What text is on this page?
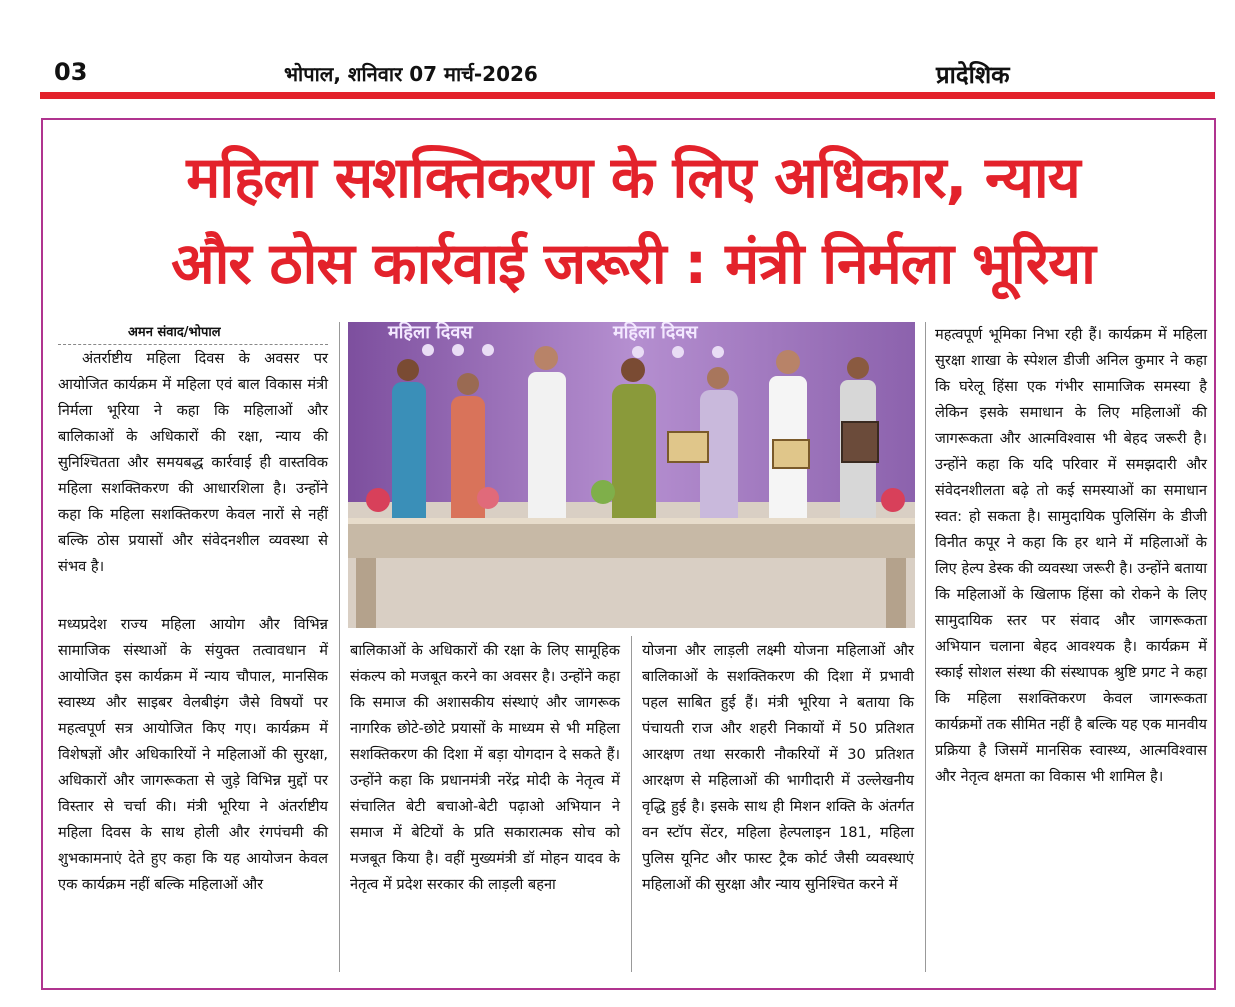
03	भोपाल, शनिवार 07 मार्च-2026	प्रादेशिक
महिला सशक्तिकरण के लिए अधिकार, न्याय
और ठोस कार्रवाई जरूरी : मंत्री निर्मला भूरिया
अमन संवाद/भोपाल

अंतर्राष्टीय महिला दिवस के अवसर पर आयोजित कार्यक्रम में महिला एवं बाल विकास मंत्री निर्मला भूरिया ने कहा कि महिलाओं और बालिकाओं के अधिकारों की रक्षा, न्याय की सुनिश्चितता और समयबद्ध कार्रवाई ही वास्तविक महिला सशक्तिकरण की आधारशिला है। उन्होंने कहा कि महिला सशक्तिकरण केवल नारों से नहीं बल्कि ठोस प्रयासों और संवेदनशील व्यवस्था से संभव है।

मध्यप्रदेश राज्य महिला आयोग और विभिन्न सामाजिक संस्थाओं के संयुक्त तत्वावधान में आयोजित इस कार्यक्रम में न्याय चौपाल, मानसिक स्वास्थ्य और साइबर वेलबीइंग जैसे विषयों पर महत्वपूर्ण सत्र आयोजित किए गए। कार्यक्रम में विशेषज्ञों और अधिकारियों ने महिलाओं की सुरक्षा, अधिकारों और जागरूकता से जुड़े विभिन्न मुद्दों पर विस्तार से चर्चा की। मंत्री भूरिया ने अंतर्राष्टीय महिला दिवस के साथ होली और रंगपंचमी की शुभकामनाएं देते हुए कहा कि यह आयोजन केवल एक कार्यक्रम नहीं बल्कि महिलाओं और

बालिकाओं के अधिकारों की रक्षा के लिए सामूहिक संकल्प को मजबूत करने का अवसर है। उन्होंने कहा कि समाज की अशासकीय संस्थाएं और जागरूक नागरिक छोटे-छोटे प्रयासों के माध्यम से भी महिला सशक्तिकरण की दिशा में बड़ा योगदान दे सकते हैं। उन्होंने कहा कि प्रधानमंत्री नरेंद्र मोदी के नेतृत्व में संचालित बेटी बचाओ-बेटी पढ़ाओ अभियान ने समाज में बेटियों के प्रति सकारात्मक सोच को मजबूत किया है। वहीं मुख्यमंत्री डॉ मोहन यादव के नेतृत्व में प्रदेश सरकार की लाड़ली बहना

योजना और लाड़ली लक्ष्मी योजना महिलाओं और बालिकाओं के सशक्तिकरण की दिशा में प्रभावी पहल साबित हुई हैं। मंत्री भूरिया ने बताया कि पंचायती राज और शहरी निकायों में 50 प्रतिशत आरक्षण तथा सरकारी नौकरियों में 30 प्रतिशत आरक्षण से महिलाओं की भागीदारी में उल्लेखनीय वृद्धि हुई है। इसके साथ ही मिशन शक्ति के अंतर्गत वन स्टॉप सेंटर, महिला हेल्पलाइन 181, महिला पुलिस यूनिट और फास्ट ट्रैक कोर्ट जैसी व्यवस्थाएं महिलाओं की सुरक्षा और न्याय सुनिश्चित करने में

महत्वपूर्ण भूमिका निभा रही हैं। कार्यक्रम में महिला सुरक्षा शाखा के स्पेशल डीजी अनिल कुमार ने कहा कि घरेलू हिंसा एक गंभीर सामाजिक समस्या है लेकिन इसके समाधान के लिए महिलाओं की जागरूकता और आत्मविश्वास भी बेहद जरूरी है। उन्होंने कहा कि यदि परिवार में समझदारी और संवेदनशीलता बढ़े तो कई समस्याओं का समाधान स्वत: हो सकता है। सामुदायिक पुलिसिंग के डीजी विनीत कपूर ने कहा कि हर थाने में महिलाओं के लिए हेल्प डेस्क की व्यवस्था जरूरी है। उन्होंने बताया कि महिलाओं के खिलाफ हिंसा को रोकने के लिए सामुदायिक स्तर पर संवाद और जागरूकता अभियान चलाना बेहद आवश्यक है। कार्यक्रम में स्काई सोशल संस्था की संस्थापक श्रुष्टि प्रगट ने कहा कि महिला सशक्तिकरण केवल जागरूकता कार्यक्रमों तक सीमित नहीं है बल्कि यह एक मानवीय प्रक्रिया है जिसमें मानसिक स्वास्थ्य, आत्मविश्वास और नेतृत्व क्षमता का विकास भी शामिल है।

महिला दिवस	महिला दिवस
